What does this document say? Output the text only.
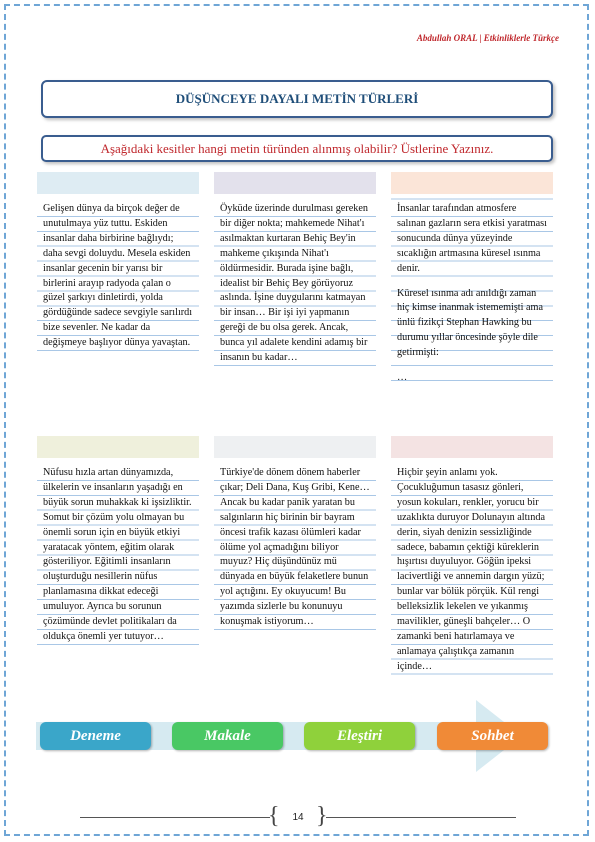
Abdullah ORAL | Etkinliklerle Türkçe
DÜŞÜNCEYE DAYALI METİN TÜRLERİ
Aşağıdaki kesitler hangi metin türünden alınmış olabilir? Üstlerine Yazınız.

Gelişen dünya da birçok değer de unutulmaya yüz tuttu. Eskiden insanlar daha birbirine bağlıydı; daha sevgi doluydu. Mesela eskiden insanlar gecenin bir yarısı bir birlerini arayıp radyoda çalan o güzel şarkıyı dinletirdi, yolda gördüğünde sadece sevgiyle sarılırdı bize sevenler. Ne kadar da değişmeye başlıyor dünya yavaştan.

Öyküde üzerinde durulması gereken bir diğer nokta; mahkemede Nihat'ı asılmaktan kurtaran Behiç Bey'in mahkeme çıkışında Nihat'ı öldürmesidir. Burada işine bağlı, idealist bir Behiç Bey görüyoruz aslında. İşine duygularını katmayan bir insan… Bir işi iyi yapmanın gereği de bu olsa gerek. Ancak, bunca yıl adalete kendini adamış bir insanın bu kadar…

İnsanlar tarafından atmosfere salınan gazların sera etkisi yaratması sonucunda dünya yüzeyinde sıcaklığın artmasına küresel ısınma denir.

Küresel ısınma adı anıldığı zaman hiç kimse inanmak istememişti ama ünlü fizikçi Stephan Hawking bu durumu yıllar öncesinde şöyle dile getirmişti:

…

Nüfusu hızla artan dünyamızda, ülkelerin ve insanların yaşadığı en büyük sorun muhakkak ki işsizliktir. Somut bir çözüm yolu olmayan bu önemli sorun için en büyük etkiyi yaratacak yöntem, eğitim olarak gösteriliyor. Eğitimli insanların oluşturduğu nesillerin nüfus planlamasına dikkat edeceği umuluyor. Ayrıca bu sorunun çözümünde devlet politikaları da oldukça önemli yer tutuyor…

Türkiye'de dönem dönem haberler çıkar; Deli Dana, Kuş Gribi, Kene… Ancak bu kadar panik yaratan bu salgınların hiç birinin bir bayram öncesi trafik kazası ölümleri kadar ölüme yol açmadığını biliyor muyuz? Hiç düşündünüz mü dünyada en büyük felaketlere bunun yol açtığını. Ey okuyucum! Bu yazımda sizlerle bu konunuyu konuşmak istiyorum…

Hiçbir şeyin anlamı yok. Çocukluğumun tasasız gönleri, yosun kokuları, renkler, yorucu bir uzaklıkta duruyor Dolunayın altında derin, siyah denizin sessizliğinde sadece, babamın çektiği küreklerin hışırtısı duyuluyor. Göğün ipeksi lacivertliği ve annemin dargın yüzü; bunlar var bölük pörçük. Kül rengi belleksizlik lekelen ve yıkanmış mavilikler, güneşli bahçeler… O zamanki beni hatırlamaya ve anlamaya çalıştıkça zamanın içinde…

Deneme	Makale	Eleştiri	Sohbet
{ }
14
